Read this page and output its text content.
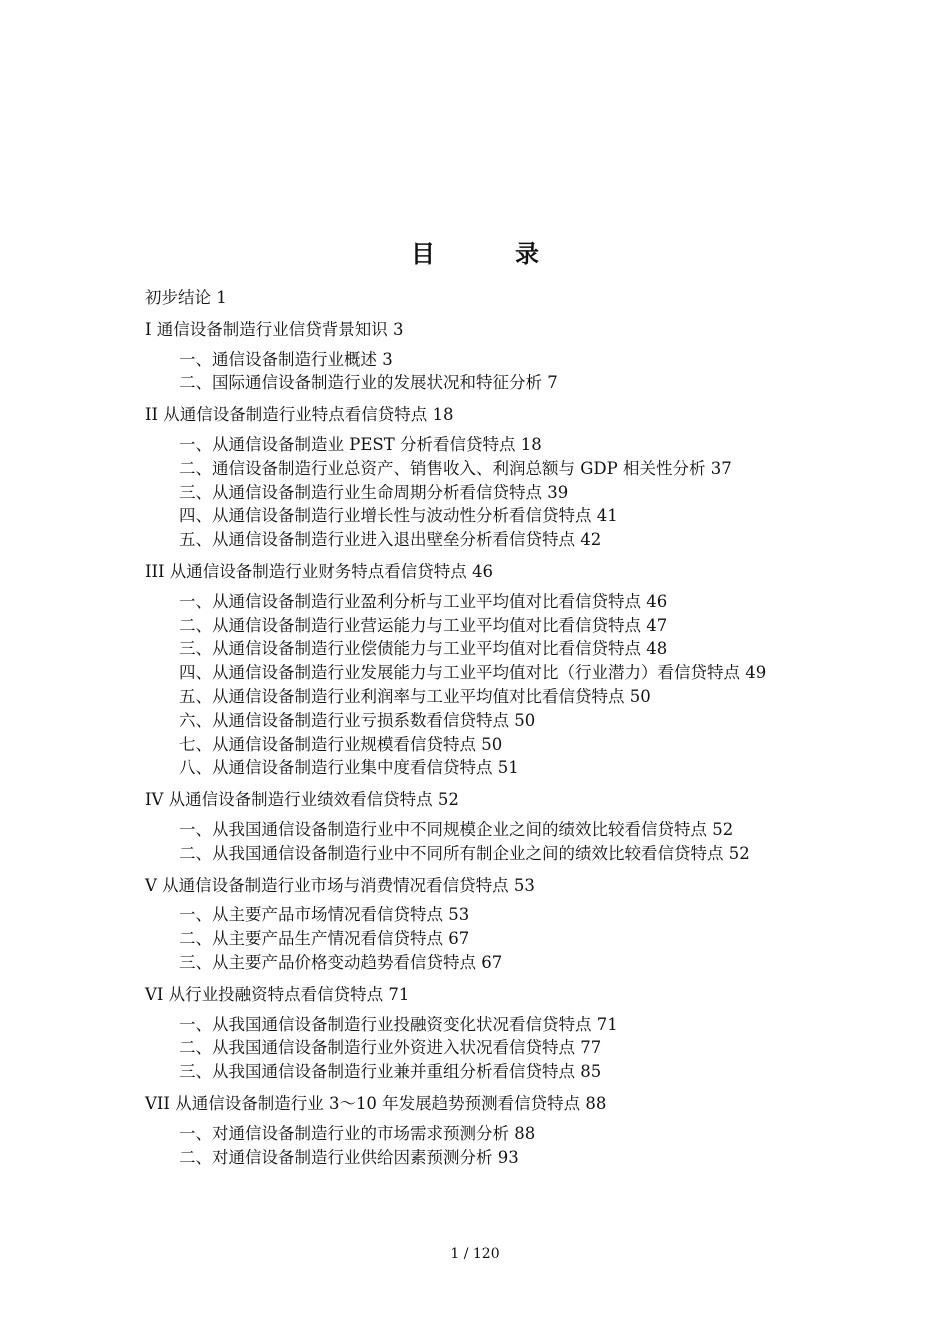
目　录

初步结论 1

I 通信设备制造行业信贷背景知识 3

一、通信设备制造行业概述 3

二、国际通信设备制造行业的发展状况和特征分析 7

II 从通信设备制造行业特点看信贷特点 18

一、从通信设备制造业 PEST 分析看信贷特点 18

二、通信设备制造行业总资产、销售收入、利润总额与 GDP 相关性分析 37

三、从通信设备制造行业生命周期分析看信贷特点 39

四、从通信设备制造行业增长性与波动性分析看信贷特点 41

五、从通信设备制造行业进入退出壁垒分析看信贷特点 42

III 从通信设备制造行业财务特点看信贷特点 46

一、从通信设备制造行业盈利分析与工业平均值对比看信贷特点 46

二、从通信设备制造行业营运能力与工业平均值对比看信贷特点 47

三、从通信设备制造行业偿债能力与工业平均值对比看信贷特点 48

四、从通信设备制造行业发展能力与工业平均值对比（行业潜力）看信贷特点 49

五、从通信设备制造行业利润率与工业平均值对比看信贷特点 50

六、从通信设备制造行业亏损系数看信贷特点 50

七、从通信设备制造行业规模看信贷特点 50

八、从通信设备制造行业集中度看信贷特点 51

IV 从通信设备制造行业绩效看信贷特点 52

一、从我国通信设备制造行业中不同规模企业之间的绩效比较看信贷特点 52

二、从我国通信设备制造行业中不同所有制企业之间的绩效比较看信贷特点 52

V 从通信设备制造行业市场与消费情况看信贷特点 53

一、从主要产品市场情况看信贷特点 53

二、从主要产品生产情况看信贷特点 67

三、从主要产品价格变动趋势看信贷特点 67

VI 从行业投融资特点看信贷特点 71

一、从我国通信设备制造行业投融资变化状况看信贷特点 71

二、从我国通信设备制造行业外资进入状况看信贷特点 77

三、从我国通信设备制造行业兼并重组分析看信贷特点 85

VII 从通信设备制造行业 3～10 年发展趋势预测看信贷特点 88

一、对通信设备制造行业的市场需求预测分析 88

二、对通信设备制造行业供给因素预测分析 93

1 / 120
